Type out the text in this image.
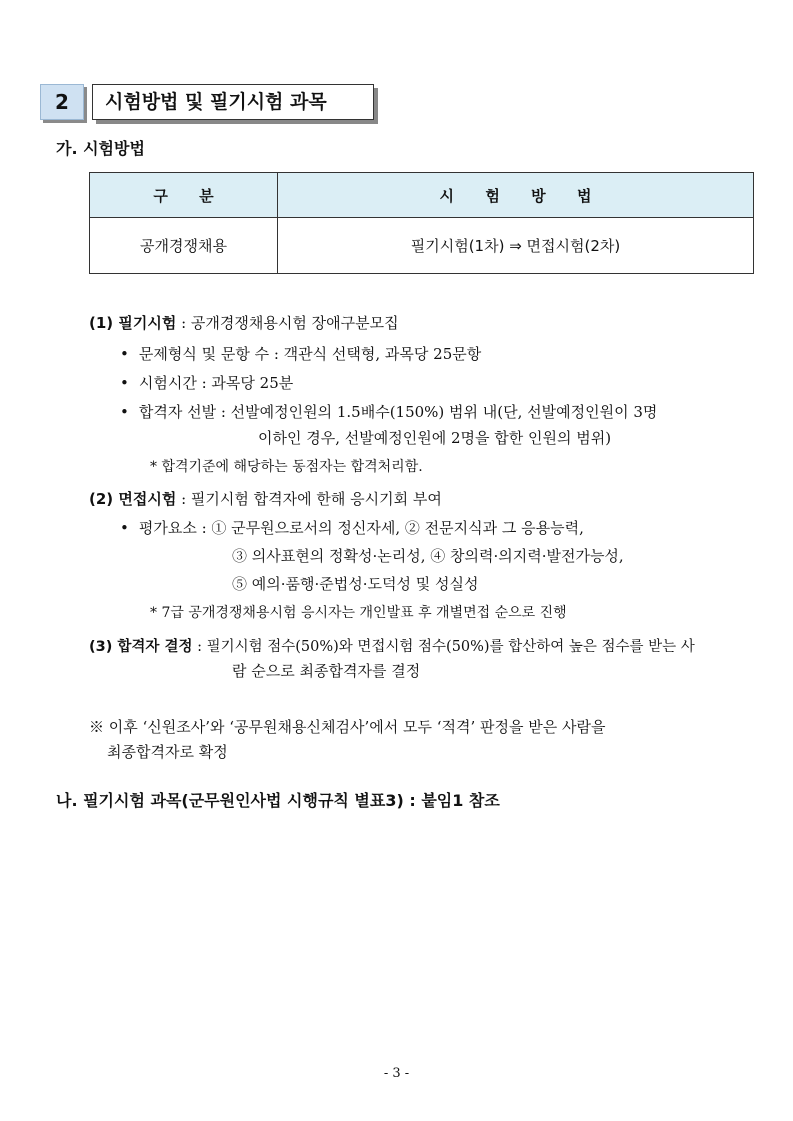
2	시험방법 및 필기시험 과목
가. 시험방법
구      분	시      험      방      법
공개경쟁채용	필기시험(1차) ⇒ 면접시험(2차)
(1) 필기시험 : 공개경쟁채용시험 장애구분모집
• 문제형식 및 문항 수 : 객관식 선택형, 과목당 25문항
• 시험시간 : 과목당 25분
• 합격자 선발 : 선발예정인원의 1.5배수(150%) 범위 내(단, 선발예정인원이 3명
이하인 경우, 선발예정인원에 2명을 합한 인원의 범위)
* 합격기준에 해당하는 동점자는 합격처리함.
(2) 면접시험 : 필기시험 합격자에 한해 응시기회 부여
• 평가요소 : ① 군무원으로서의 정신자세, ② 전문지식과 그 응용능력,
③ 의사표현의 정확성·논리성, ④ 창의력·의지력·발전가능성,
⑤ 예의·품행·준법성·도덕성 및 성실성
* 7급 공개경쟁채용시험 응시자는 개인발표 후 개별면접 순으로 진행
(3) 합격자 결정 : 필기시험 점수(50%)와 면접시험 점수(50%)를 합산하여 높은 점수를 받는 사
람 순으로 최종합격자를 결정
※ 이후 ‘신원조사’와 ‘공무원채용신체검사’에서 모두 ‘적격’ 판정을 받은 사람을
최종합격자로 확정
나. 필기시험 과목(군무원인사법 시행규칙 별표3) : 붙임1 참조
- 3 -
